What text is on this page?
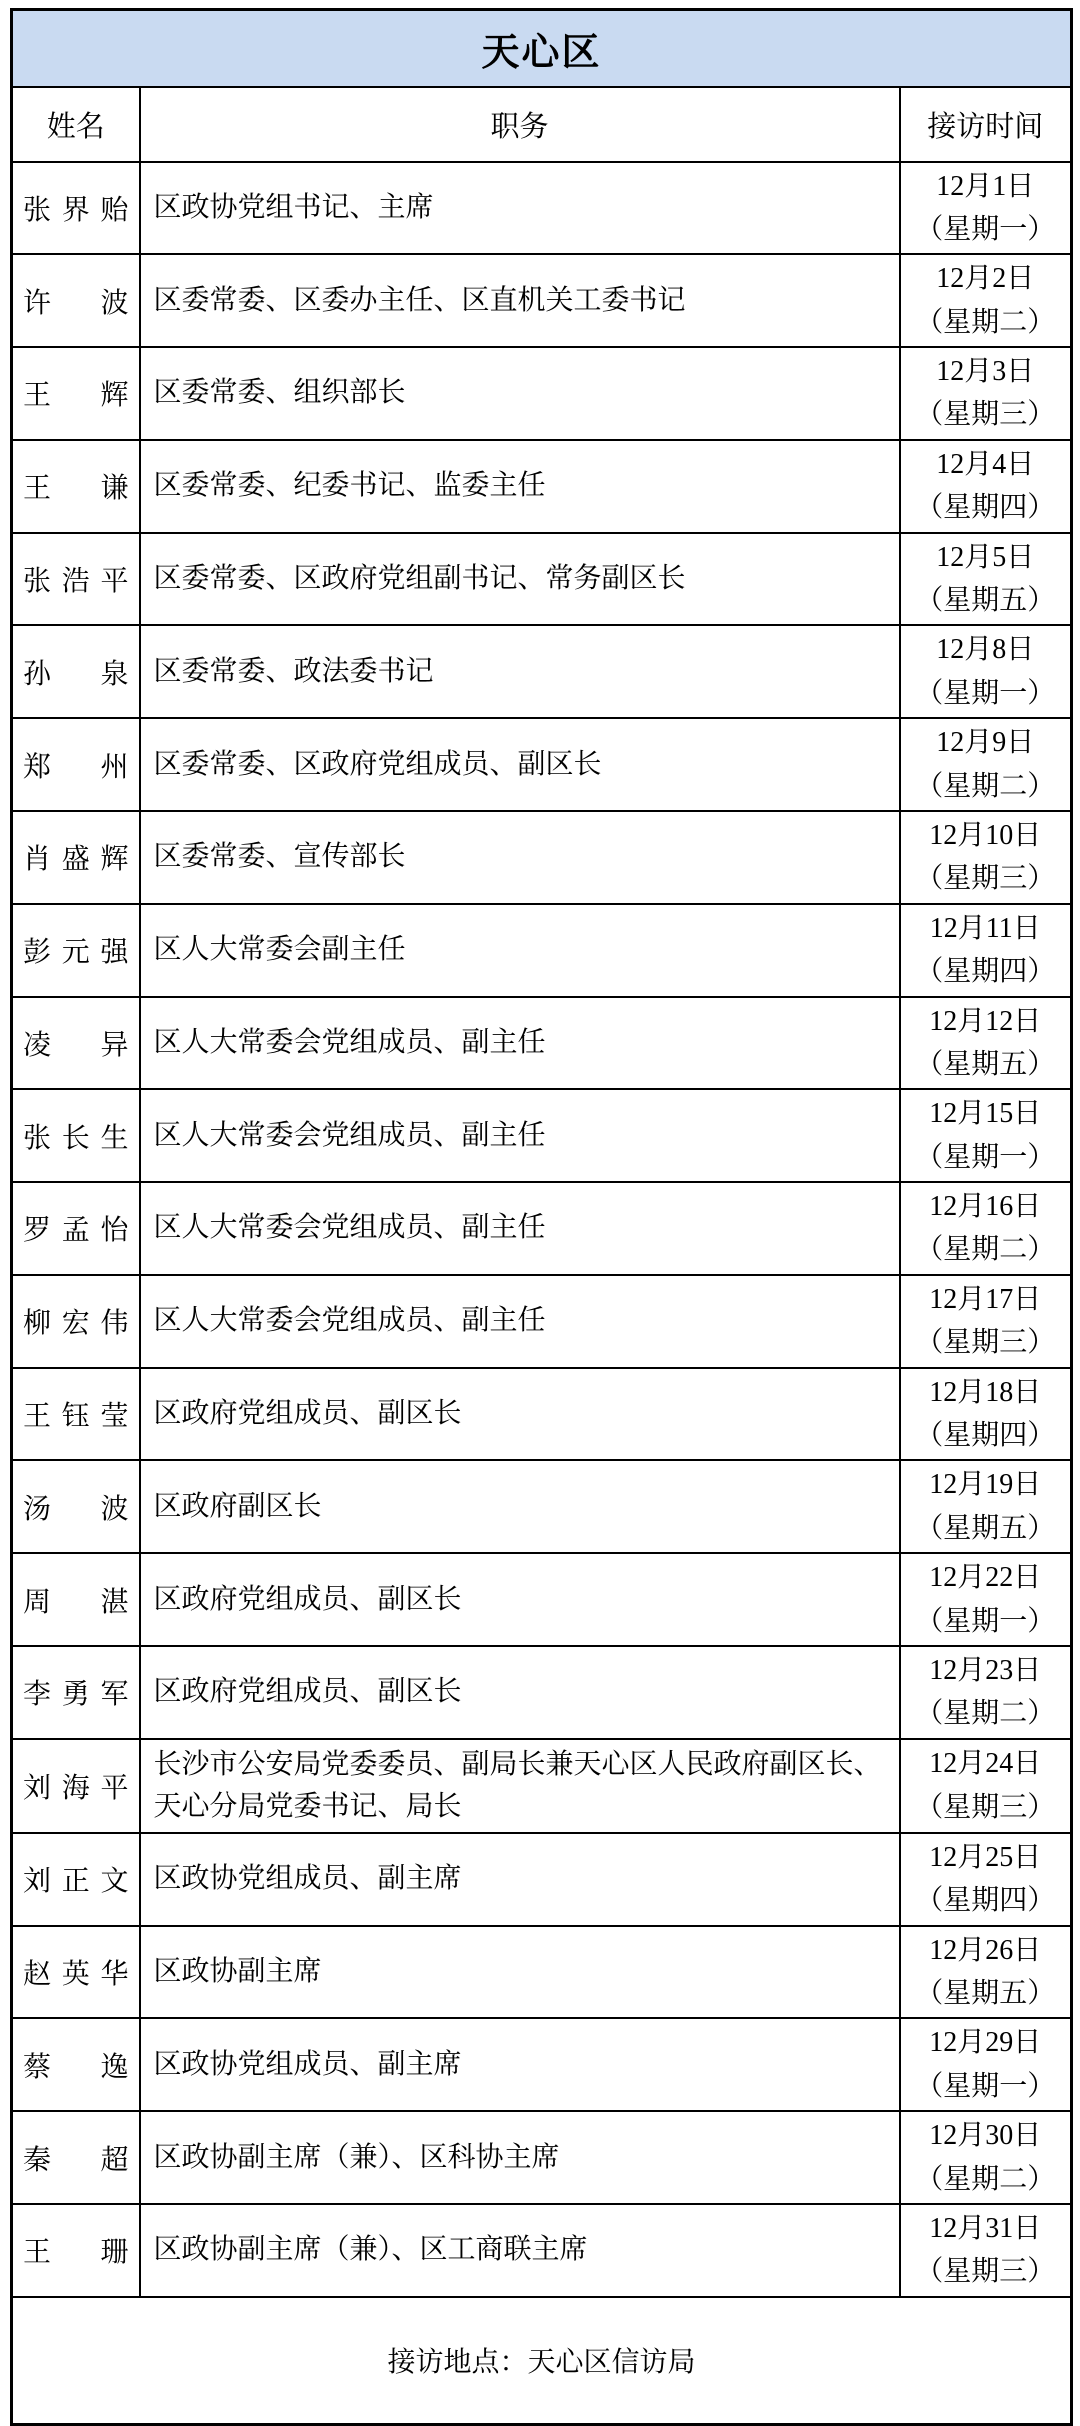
天心区		
姓名	职务	接访时间
张界贻	区政协党组书记、主席	12月1日
（星期一）

许　波	区委常委、区委办主任、区直机关工委书记	12月2日
（星期二）

王　辉	区委常委、组织部长	12月3日
（星期三）

王　谦	区委常委、纪委书记、监委主任	12月4日
（星期四）

张浩平	区委常委、区政府党组副书记、常务副区长	12月5日
（星期五）

孙　泉	区委常委、政法委书记	12月8日
（星期一）

郑　州	区委常委、区政府党组成员、副区长	12月9日
（星期二）

肖盛辉	区委常委、宣传部长	12月10日
（星期三）

彭元强	区人大常委会副主任	12月11日
（星期四）

凌　异	区人大常委会党组成员、副主任	12月12日
（星期五）

张长生	区人大常委会党组成员、副主任	12月15日
（星期一）

罗孟怡	区人大常委会党组成员、副主任	12月16日
（星期二）

柳宏伟	区人大常委会党组成员、副主任	12月17日
（星期三）

王钰莹	区政府党组成员、副区长	12月18日
（星期四）

汤　波	区政府副区长	12月19日
（星期五）

周　湛	区政府党组成员、副区长	12月22日
（星期一）

李勇军	区政府党组成员、副区长	12月23日
（星期二）

刘海平	长沙市公安局党委委员、副局长兼天心区人民政府副区长、天心分局党委书记、局长	12月24日
（星期三）

刘正文	区政协党组成员、副主席	12月25日
（星期四）

赵英华	区政协副主席	12月26日
（星期五）

蔡　逸	区政协党组成员、副主席	12月29日
（星期一）

秦　超	区政协副主席（兼）、区科协主席	12月30日
（星期二）

王　珊	区政协副主席（兼）、区工商联主席	12月31日
（星期三）

接访地点：天心区信访局		
